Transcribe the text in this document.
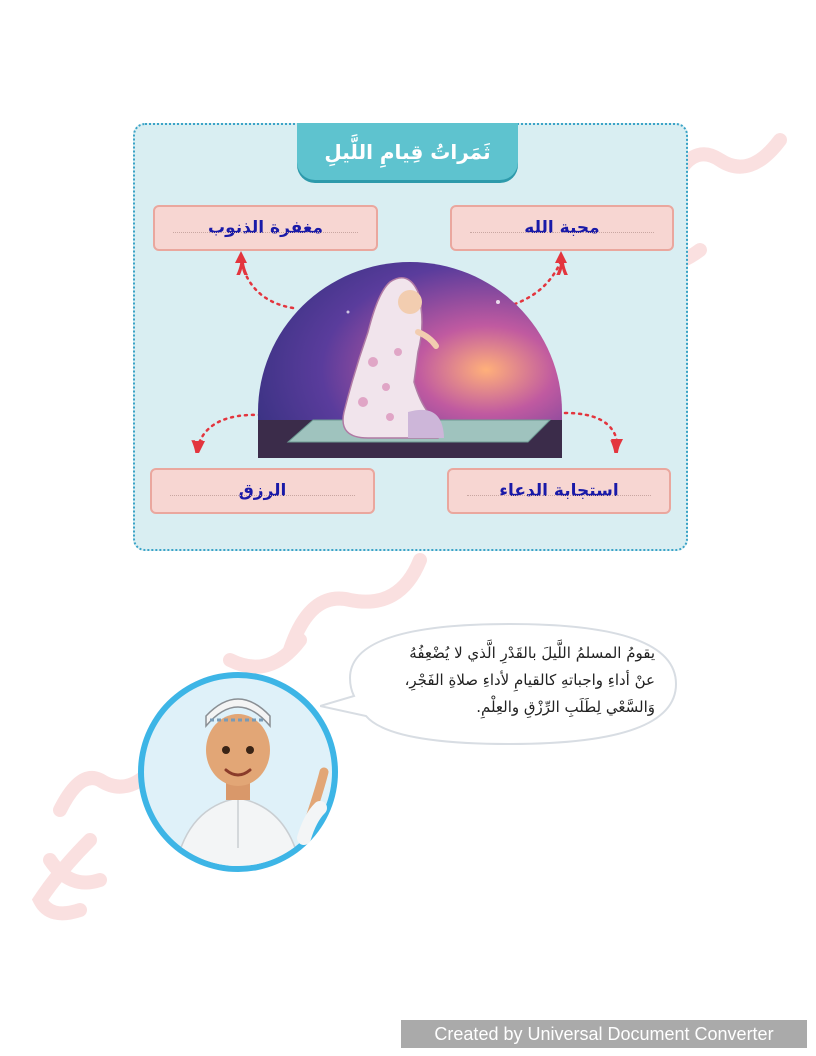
ثَمَراتُ قِيامِ اللَّيلِ
مغفرة الذنوب	محبة الله
الرزق	استجابة الدعاء
٨	٨
٧	٧
يقومُ المسلمُ اللَّيلَ بالقَدْرِ الَّذي لا يُضْعِفُهُ
عنْ أداءِ واجباتهِ كالقيامِ لأداءِ صلاةِ الفَجْرِ،
وَالسَّعْي لِطَلَبِ الرِّزْقِ والعِلْمِ.
Created by Universal Document Converter
